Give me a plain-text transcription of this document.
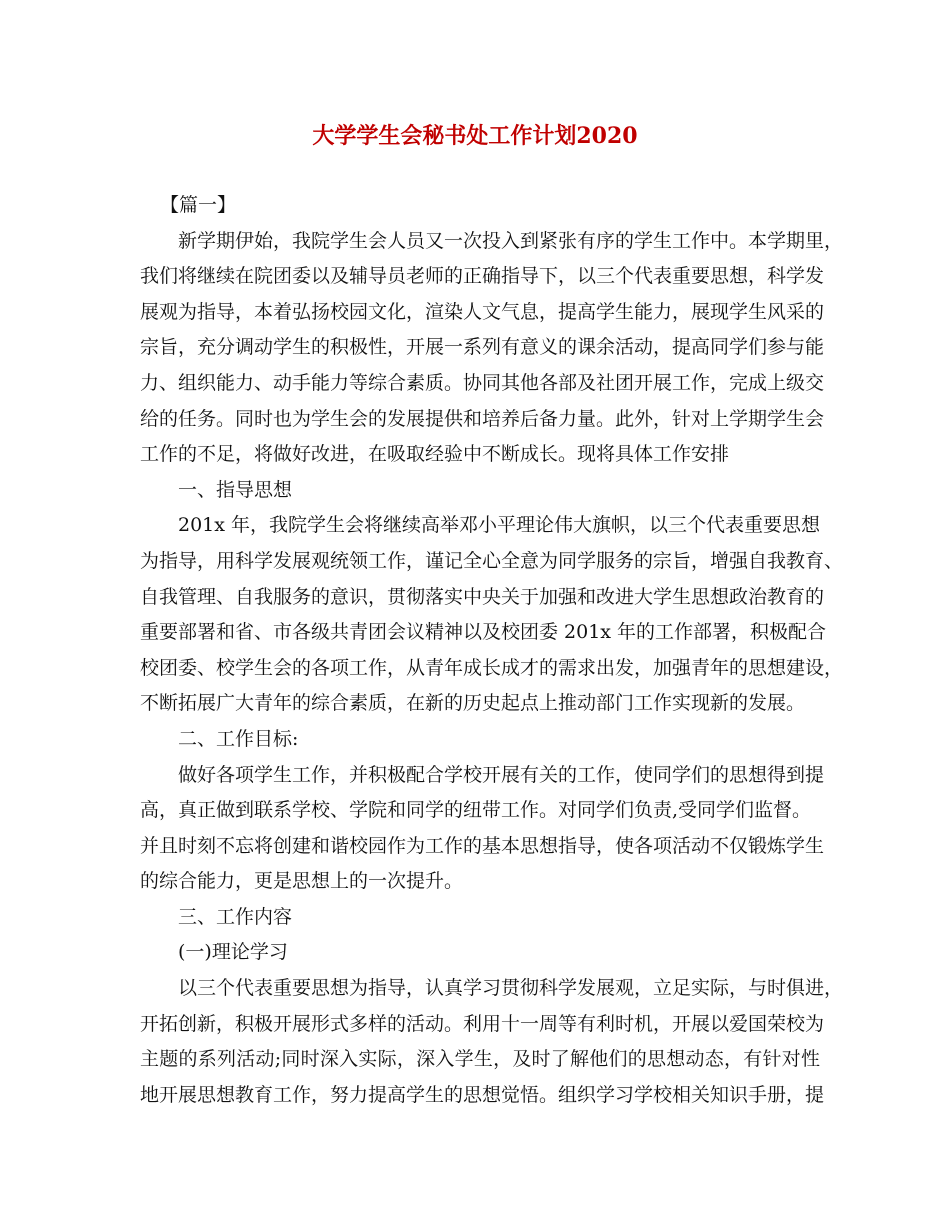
大学学生会秘书处工作计划2020
【篇一】
新学期伊始，我院学生会人员又一次投入到紧张有序的学生工作中。本学期里，
我们将继续在院团委以及辅导员老师的正确指导下，以三个代表重要思想，科学发
展观为指导，本着弘扬校园文化，渲染人文气息，提高学生能力，展现学生风采的
宗旨，充分调动学生的积极性，开展一系列有意义的课余活动，提高同学们参与能
力、组织能力、动手能力等综合素质。协同其他各部及社团开展工作，完成上级交
给的任务。同时也为学生会的发展提供和培养后备力量。此外，针对上学期学生会
工作的不足，将做好改进，在吸取经验中不断成长。现将具体工作安排
一、指导思想
201x 年，我院学生会将继续高举邓小平理论伟大旗帜，以三个代表重要思想
为指导，用科学发展观统领工作，谨记全心全意为同学服务的宗旨，增强自我教育、
自我管理、自我服务的意识，贯彻落实中央关于加强和改进大学生思想政治教育的
重要部署和省、市各级共青团会议精神以及校团委 201x 年的工作部署，积极配合
校团委、校学生会的各项工作，从青年成长成才的需求出发，加强青年的思想建设，
不断拓展广大青年的综合素质，在新的历史起点上推动部门工作实现新的发展。
二、工作目标:
做好各项学生工作，并积极配合学校开展有关的工作，使同学们的思想得到提
高，真正做到联系学校、学院和同学的纽带工作。对同学们负责,受同学们监督。
并且时刻不忘将创建和谐校园作为工作的基本思想指导，使各项活动不仅锻炼学生
的综合能力，更是思想上的一次提升。
三、工作内容
(一)理论学习
以三个代表重要思想为指导，认真学习贯彻科学发展观，立足实际，与时俱进，
开拓创新，积极开展形式多样的活动。利用十一周等有利时机，开展以爱国荣校为
主题的系列活动;同时深入实际，深入学生，及时了解他们的思想动态，有针对性
地开展思想教育工作，努力提高学生的思想觉悟。组织学习学校相关知识手册，提
